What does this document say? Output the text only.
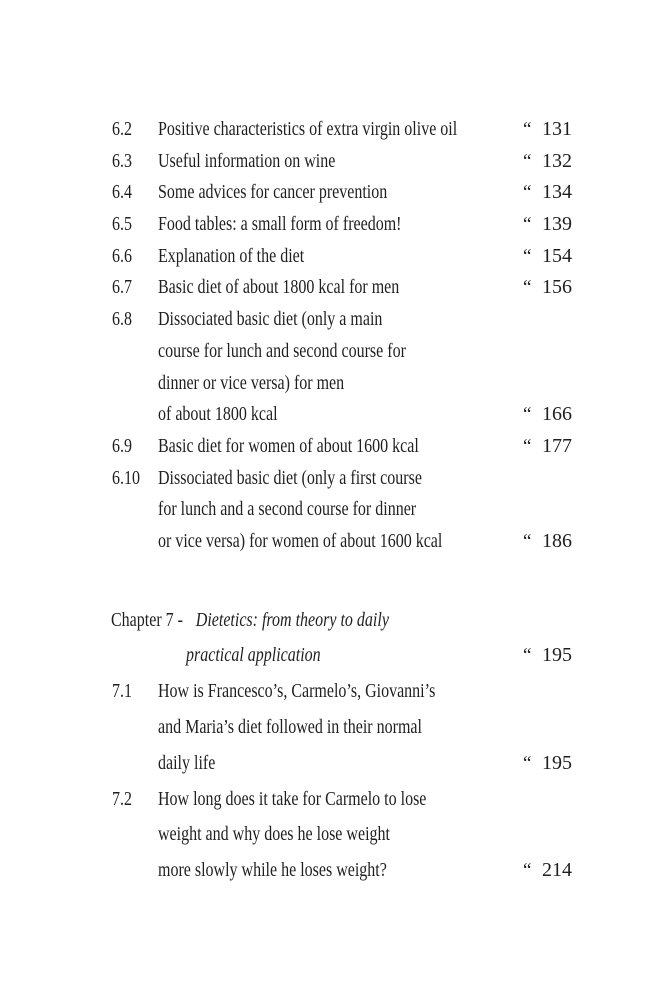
6.2 Positive characteristics of extra virgin olive oil	“ 131
6.3 Useful information on wine	“ 132
6.4 Some advices for cancer prevention	“ 134
6.5 Food tables: a small form of freedom!	“ 139
6.6 Explanation of the diet	“ 154
6.7 Basic diet of about 1800 kcal for men	“ 156
6.8 Dissociated basic diet (only a main
course for lunch and second course for
dinner or vice versa) for men
of about 1800 kcal	“ 166
6.9 Basic diet for women of about 1600 kcal	“ 177
6.10 Dissociated basic diet (only a first course
for lunch and a second course for dinner
or vice versa) for women of about 1600 kcal	“ 186
Chapter 7 - Dietetics: from theory to daily
practical application	“ 195
7.1 How is Francesco’s, Carmelo’s, Giovanni’s
and Maria’s diet followed in their normal
daily life	“ 195
7.2 How long does it take for Carmelo to lose
weight and why does he lose weight
more slowly while he loses weight?	“ 214
